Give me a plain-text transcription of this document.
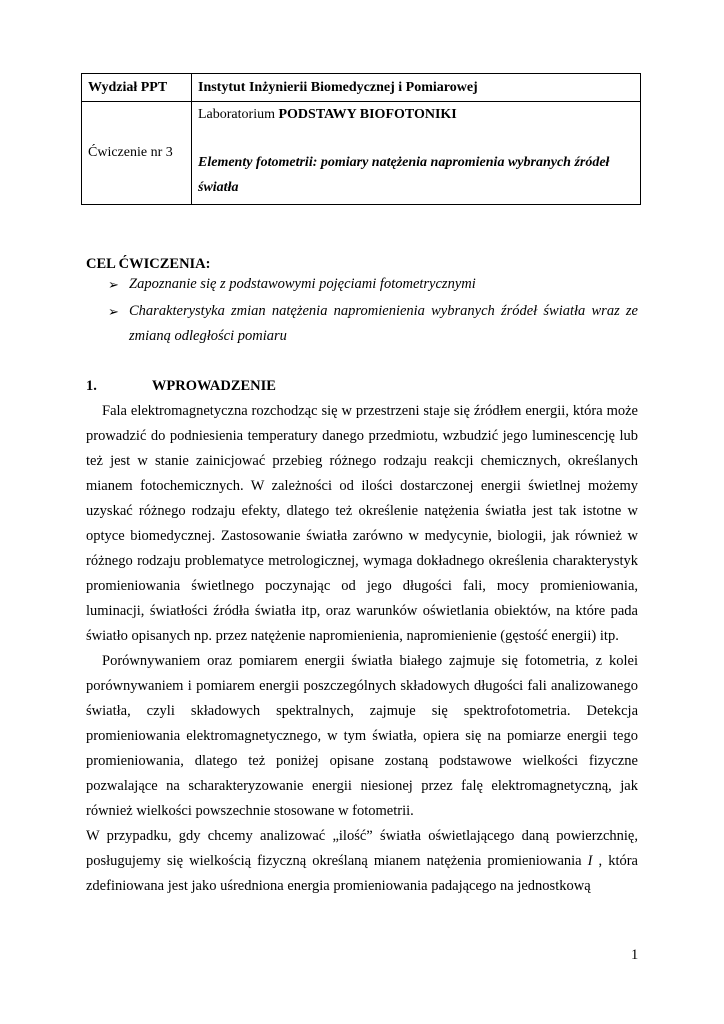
Wydział PPT	Instytut Inżynierii Biomedycznej i Pomiarowej
Ćwiczenie nr 3	Laboratorium PODSTAWY BIOFOTONIKI
Elementy fotometrii: pomiary natężenia napromienia wybranych źródeł światła
CEL ĆWICZENIA:
➢ Zapoznanie się z podstawowymi pojęciami fotometrycznymi
➢ Charakterystyka zmian natężenia napromienienia wybranych źródeł światła wraz ze zmianą odległości pomiaru
1.	WPROWADZENIE

Fala elektromagnetyczna rozchodząc się w przestrzeni staje się źródłem energii, która może prowadzić do podniesienia temperatury danego przedmiotu, wzbudzić jego luminescencję lub też jest w stanie zainicjować przebieg różnego rodzaju reakcji chemicznych, określanych mianem fotochemicznych. W zależności od ilości dostarczonej energii świetlnej możemy uzyskać różnego rodzaju efekty, dlatego też określenie natężenia światła jest tak istotne w optyce biomedycznej. Zastosowanie światła zarówno w medycynie, biologii, jak również w różnego rodzaju problematyce metrologicznej, wymaga dokładnego określenia charakterystyk promieniowania świetlnego poczynając od jego długości fali, mocy promieniowania, luminacji, światłości źródła światła itp, oraz warunków oświetlania obiektów, na które pada światło opisanych np. przez natężenie napromienienia, napromienienie (gęstość energii) itp.

Porównywaniem oraz pomiarem energii światła białego zajmuje się fotometria, z kolei porównywaniem i pomiarem energii poszczególnych składowych długości fali analizowanego światła, czyli składowych spektralnych, zajmuje się spektrofotometria. Detekcja promieniowania elektromagnetycznego, w tym światła, opiera się na pomiarze energii tego promieniowania, dlatego też poniżej opisane zostaną podstawowe wielkości fizyczne pozwalające na scharakteryzowanie energii niesionej przez falę elektromagnetyczną, jak również wielkości powszechnie stosowane w fotometrii.

W przypadku, gdy chcemy analizować „ilość” światła oświetlającego daną powierzchnię, posługujemy się wielkością fizyczną określaną mianem natężenia promieniowania I , która zdefiniowana jest jako uśredniona energia promieniowania padającego na jednostkową

1
